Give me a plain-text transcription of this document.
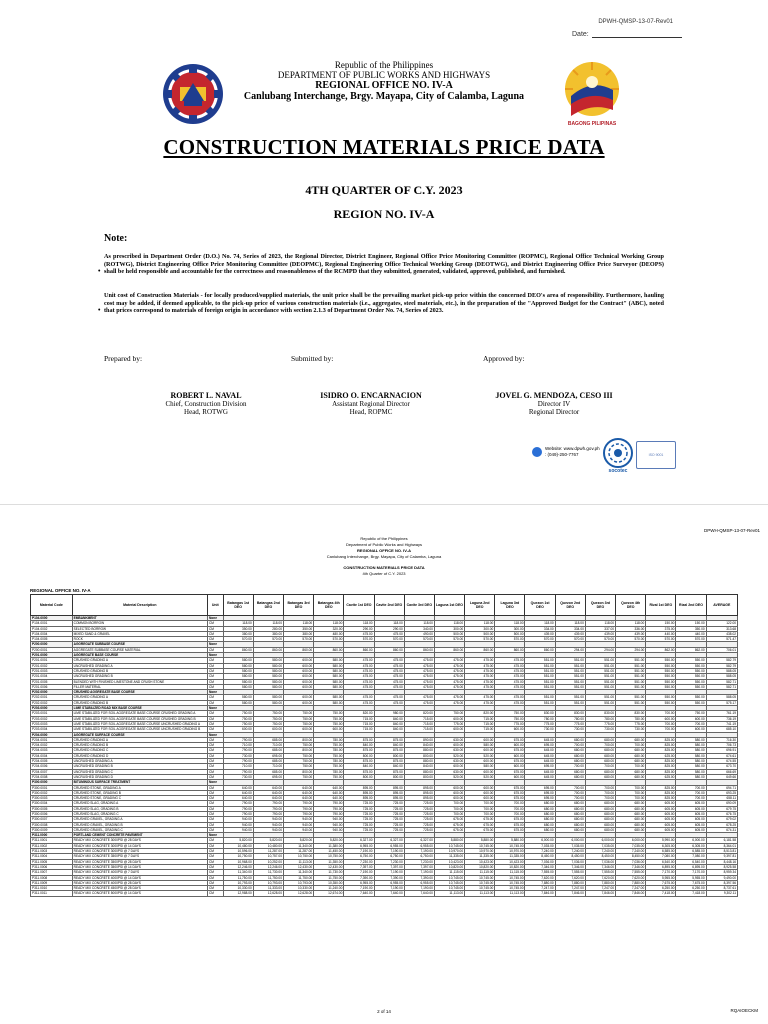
DPWH-QMSP-13-07-Rev01
Date:
BAGONG PILIPINAS
Republic of the Philippines
DEPARTMENT OF PUBLIC WORKS AND HIGHWAYS
REGIONAL OFFICE NO. IV-A
Canlubang Interchange, Brgy. Mayapa, City of Calamba, Laguna
CONSTRUCTION MATERIALS PRICE DATA
4TH QUARTER OF C.Y. 2023
REGION NO. IV-A
Note:
•
As prescribed in Department Order (D.O.) No. 74, Series of 2023, the Regional Director, District Engineer, Regional Office Price Monitoring Committee (ROPMC), Regional Office Technical Working Group (ROTWG), District Engineering Office Price Monitoring Committee (DEOPMC), Regional Engineering Office Technical Working Group (DEOTWG), and District Engineering Office Price Surveyor (DEOPS) shall be held responsible and accountable for the correctness and reasonableness of the RCMPD that they submitted, generated, validated, approved, published, and furnished.
•
Unit cost of Construction Materials - for locally produced/supplied materials, the unit price shall be the prevailing market pick-up price within the concerned DEO's area of responsibility. Furthermore, hauling cost may be added, if deemed applicable, to the pick-up price of various construction materials (i.e., aggregates, steel materials, etc.), in the preparation of the "Approved Budget for the Contract" (ABC), noted that prices correspond to materials of foreign origin in accordance with section 2.1.3 of Department Order No. 74, Series of 2023.
Prepared by:	Submitted by:	Approved by:
ROBERT L. NAVAL
Chief, Construction Division
Head, ROTWG
ISIDRO O. ENCARNACION
Assistant Regional Director
Head, ROPMC
JOVEL G. MENDOZA, CESO III
Director IV
Regional Director
Website: www.dpwh.gov.ph
: (049)-250-7767
socotec
ISO 9001
DPWH-QMSP-13-07-Rev01
Republic of the Philippines
Department of Public Works and Highways
REGIONAL OFFICE NO. IV-A
Canlubang Interchange, Brgy. Mayapa, City of Calamba, Laguna
CONSTRUCTION MATERIALS PRICE DATA
4th Quarter of C.Y. 2023
REGIONAL OFFICE NO. IV-A
Material Code	Material Description	Unit	Batangas 1st DEO	Batangas 2nd DEO	Batangas 3rd DEO	Batangas 4th DEO	Cavite 1st DEO	Cavite 2nd DEO	Cavite 3rd DEO	Laguna 1st DEO	Laguna 2nd DEO	Laguna 3rd DEO	Quezon 1st DEO	Quezon 2nd DEO	Quezon 3rd DEO	Quezon 4th DEO	Rizal 1st DEO	Rizal 2nd DEO	AVERAGE
P104.0000	EMBANKMENT	None																	
P104.0001	COMMON BORROW	CM	118.00	118.00	118.00	118.00	118.00	118.00	118.00	118.00	118.00	118.00	118.00	118.00	118.00	118.00	150.00	150.00	122.00
P104.0002	SELECTED BORROW	CM	350.00	280.00	350.00	320.00	290.00	290.00	340.00	300.00	300.00	300.00	334.00	334.00	337.00	336.00	375.00	350.00	313.68
P104.0004	MIXED SAND & GRAVEL	CM	380.00	380.00	380.00	480.00	475.00	475.00	490.00	500.00	500.00	500.00	439.00	439.00	439.00	439.00	440.00	440.00	438.02
P104.0005	ROCK	CM	570.00	570.00	570.00	570.00	570.00	570.00	570.00	570.00	570.00	570.00	570.00	570.00	570.00	570.00	570.00	570.00	571.47
P200.0000	AGGREGATE SUBBASE COURSE	None																	
P200.0001	AGGREGATE SUBBASE COURSE MATERIAL	CM	860.00	860.00	860.00	860.00	860.00	860.00	860.00	860.00	860.00	860.00	860.00	294.00	294.00	294.00	862.00	862.00	706.01
P201.0000	AGGREGATE BASE COURSE	None																	
P201.0001	CRUSHED GRADING A	CM	580.00	580.00	600.00	580.00	475.00	475.00	475.00	475.00	475.00	475.00	551.00	551.00	551.00	551.00	550.00	550.00	582.79
P201.0002	UNCRUSHED GRADING A	CM	580.00	580.00	600.00	580.00	475.00	475.00	475.00	475.00	475.00	475.00	551.00	551.00	551.00	551.00	550.00	550.00	582.79
P201.0003	CRUSHED GRADING B	CM	580.00	580.00	600.00	580.00	475.00	475.00	475.00	475.00	475.00	475.00	551.00	551.00	551.00	551.00	550.00	550.00	588.05
P201.0004	UNCRUSHED GRADING B	CM	580.00	580.00	600.00	580.00	475.00	475.00	475.00	475.00	475.00	475.00	551.00	551.00	551.00	551.00	550.00	550.00	588.05
P201.0005	BLENDED WITH FINISHED LIMESTONE AND CRUSH STONE	CM	580.00	580.00	600.00	580.00	475.00	475.00	475.00	475.00	475.00	475.00	551.00	551.00	551.00	551.00	550.00	550.00	582.71
P201.0006	FILLER MATERIAL	CM	580.00	580.00	600.00	580.00	475.00	475.00	475.00	475.00	475.00	475.00	551.00	551.00	551.00	551.00	550.00	550.00	582.71
P202.0000	CRUSHED AGGREGATE BASE COURSE	None																	
P202.0001	CRUSHED GRADING A	CM	580.00	580.00	600.00	580.00	475.00	475.00	475.00	475.00	475.00	475.00	551.00	551.00	551.00	551.00	550.00	550.00	588.05
P202.0002	CRUSHED GRADING B	CM	580.00	580.00	600.00	580.00	475.00	475.00	475.00	475.00	475.00	475.00	551.00	551.00	551.00	551.00	550.00	550.00	575.17
P203.0000	LIME STABILIZED ROAD MIX BASE COURSE	None																	
P203.0001	LIME STABILIZED FOR SOIL AGGREGATE BASE COURSE CRUSHED GRADING A	CM	750.00	750.00	750.00	750.00	820.00	980.00	820.00	750.00	820.00	750.00	830.00	830.00	830.00	830.00	700.00	750.00	761.19
P203.0002	LIME STABILIZED FOR SOIL AGGREGATE BASE COURSE CRUSHED GRADING B	CM	750.00	750.00	750.00	750.00	715.00	840.00	715.00	600.00	715.00	750.00	780.00	780.00	780.00	780.00	600.00	600.00	736.19
P203.0003	LIME STABILIZED FOR SOIL AGGREGATE BASE COURSE UNCRUSHED GRADING A	CM	750.00	750.00	750.00	750.00	715.00	840.00	715.00	775.00	715.00	775.00	775.00	775.00	775.00	775.00	700.00	700.00	741.19
P203.0004	LIME STABILIZED FOR SOIL AGGREGATE BASE COURSE UNCRUSHED GRADING B	CM	600.00	600.00	600.00	600.00	715.00	840.00	715.00	600.00	715.00	600.00	730.00	730.00	730.00	730.00	700.00	600.00	685.10
P204.0000	AGGREGATE SURFACE COURSE	None																	
P204.0001	CRUSHED GRADING A	CM	790.00	685.00	800.00	780.00	875.00	875.00	890.00	630.00	600.00	675.00	645.00	680.00	680.00	680.00	825.00	580.00	716.30
P204.0002	CRUSHED GRADING B	CM	710.00	710.00	750.00	750.00	840.00	840.00	840.00	600.00	580.00	600.00	695.00	700.00	700.00	700.00	825.00	580.00	706.73
P204.0003	CRUSHED GRADING C	CM	790.00	685.00	800.00	780.00	875.00	875.00	880.00	630.00	600.00	675.00	645.00	680.00	680.00	680.00	825.00	580.00	696.91
P204.0004	CRUSHED GRADING D	CM	730.00	695.00	750.00	750.00	800.00	800.00	800.00	520.00	520.00	600.00	645.00	680.00	680.00	680.00	625.00	580.00	674.61
P204.0005	UNCRUSHED GRADING A	CM	790.00	685.00	750.00	780.00	875.00	875.00	880.00	630.00	600.00	675.00	645.00	680.00	680.00	680.00	825.00	580.00	674.55
P204.0006	UNCRUSHED GRADING B	CM	710.00	710.00	750.00	750.00	840.00	840.00	840.00	600.00	580.00	600.00	695.00	700.00	700.00	700.00	825.00	580.00	673.70
P204.0007	UNCRUSHED GRADING C	CM	790.00	685.00	800.00	780.00	875.00	875.00	880.00	630.00	600.00	675.00	645.00	680.00	680.00	680.00	825.00	580.00	666.69
P204.0008	UNCRUSHED GRADING D	CM	730.00	695.00	750.00	750.00	800.00	800.00	800.00	520.00	520.00	600.00	645.00	680.00	680.00	680.00	625.00	580.00	649.66
P300.0000	BITUMINOUS SURFACE TREATMENT	None																	
P300.0001	CRUSHED STONE, GRADING A	CM	640.00	640.00	640.00	640.00	895.00	895.00	895.00	600.00	600.00	675.00	695.00	700.00	700.00	700.00	825.00	700.00	694.71
P300.0002	CRUSHED STONE, GRADING B	CM	640.00	640.00	640.00	640.00	895.00	895.00	895.00	600.00	600.00	675.00	695.00	700.00	700.00	700.00	825.00	700.00	693.25
P300.0003	CRUSHED STONE, GRADING C	CM	640.00	640.00	640.00	640.00	895.00	895.00	895.00	600.00	600.00	675.00	695.00	700.00	700.00	700.00	825.00	700.00	658.11
P300.0004	CRUSHED SLAG, GRADING A	CM	790.00	790.00	790.00	790.00	725.00	725.00	725.00	700.00	700.00	700.00	680.00	680.00	680.00	680.00	605.00	605.00	690.09
P300.0005	CRUSHED SLAG, GRADING B	CM	790.00	790.00	790.00	790.00	725.00	725.00	725.00	700.00	700.00	700.00	680.00	680.00	680.00	680.00	605.00	605.00	679.75
P300.0006	CRUSHED SLAG, GRADING C	CM	790.00	790.00	790.00	790.00	725.00	725.00	725.00	700.00	700.00	700.00	680.00	680.00	680.00	680.00	605.00	605.00	676.75
P300.0007	CRUSHED GRAVEL, GRADING A	CM	940.00	940.00	940.00	940.00	725.00	725.00	725.00	675.00	675.00	675.00	680.00	680.00	680.00	680.00	605.00	605.00	679.02
P300.0008	CRUSHED GRAVEL, GRADING B	CM	940.00	940.00	940.00	940.00	725.00	725.00	725.00	675.00	675.00	675.00	680.00	680.00	680.00	680.00	605.00	605.00	678.25
P300.0009	CRUSHED GRAVEL, GRADING C	CM	940.00	940.00	940.00	940.00	725.00	725.00	725.00	675.00	675.00	675.00	680.00	680.00	680.00	680.00	605.00	605.00	674.31
P311.0000	PORTLAND CEMENT CONCRETE PAVEMENT	None																	
P311.0001	READY MIX CONCRETE 3000PSI @ 28 DAYS	CM	5,820.00	5,820.00	5,820.00	5,820.00	6,327.00	6,327.00	6,327.00	5,880.00	5,880.00	5,880.00	6,000.00	6,000.00	6,000.00	6,000.00	5,990.00	6,000.00	6,181.58
P311.0002	READY MIX CONCRETE 3000PSI @ 14 DAYS	CM	10,480.00	10,480.00	11,340.00	11,380.00	6,955.00	6,955.00	6,955.00	10,745.00	10,745.00	10,745.00	7,035.00	7,035.00	7,035.00	7,035.00	6,305.00	6,305.00	8,364.01
P311.0003	READY MIX CONCRETE 3000PSI @ 7 DAYS	CM	10,596.00	11,287.00	11,287.00	11,450.00	7,190.00	7,190.00	7,190.00	10,970.00	10,970.00	10,970.00	7,240.00	7,240.00	7,240.00	7,240.00	6,585.00	6,585.00	8,513.81
P311.0004	READY MIX CONCRETE 3500PSI @ 7 DAYS	CM	10,750.00	10,757.00	10,750.00	10,750.00	6,750.00	6,750.00	6,750.00	11,335.00	11,335.00	11,335.00	8,450.00	8,450.00	8,450.00	8,450.00	7,080.00	7,080.00	9,397.81
P311.0005	READY MIX CONCRETE 3500PSI @ 28 DAYS	CM	10,968.00	10,252.00	11,113.00	11,350.00	7,230.00	7,230.00	7,230.00	10,423.00	10,423.00	10,423.00	7,036.00	7,036.00	7,036.00	7,036.00	6,540.00	6,540.00	8,448.16
P311.0006	READY MIX CONCRETE 3500PSI @ 14 DAYS	CM	12,246.00	12,246.00	12,430.00	12,430.00	7,397.00	7,397.00	7,397.00	10,820.00	10,820.00	10,820.00	7,346.00	7,346.00	7,346.00	7,346.00	6,895.00	6,895.00	8,925.58
P311.0007	READY MIX CONCRETE 4000PSI @ 7 DAYS	CM	11,340.00	11,730.00	11,340.00	11,730.00	7,190.00	7,190.00	7,190.00	11,115.00	11,115.00	11,115.00	7,555.00	7,555.00	7,555.00	7,555.00	7,170.00	7,170.00	8,959.34
P311.0008	READY MIX CONCRETE 4000PSI @ 14 DAYS	CM	11,750.00	11,750.00	11,750.00	11,750.00	7,390.00	7,390.00	7,390.00	10,745.00	10,745.00	10,745.00	7,620.00	7,620.00	7,620.00	7,620.00	5,955.00	5,955.00	9,490.00
P311.0009	READY MIX CONCRETE 4000PSI @ 28 DAYS	CM	10,793.00	10,793.00	10,793.00	10,350.00	6,955.00	6,955.00	6,955.00	10,745.00	10,745.00	10,745.00	7,880.00	7,880.00	7,880.00	7,880.00	7,675.00	7,675.00	8,397.56
P311.0010	READY MIX CONCRETE 4500PSI @ 28 DAYS	CM	10,330.00	11,333.00	10,330.00	11,240.00	7,190.00	7,190.00	7,190.00	10,745.00	10,745.00	10,745.00	7,247.00	7,247.00	7,247.00	7,247.00	6,250.00	6,250.00	8,737.61
P311.0011	READY MIX CONCRETE 5000PSI @ 14 DAYS	CM	12,988.00	12,628.00	12,628.00	12,674.00	7,640.00	7,640.00	7,640.00	11,113.00	11,113.00	11,113.00	7,846.00	7,846.00	7,846.00	7,846.00	7,418.00	7,418.00	9,302.11
2 of 14	RQAIOECKM
